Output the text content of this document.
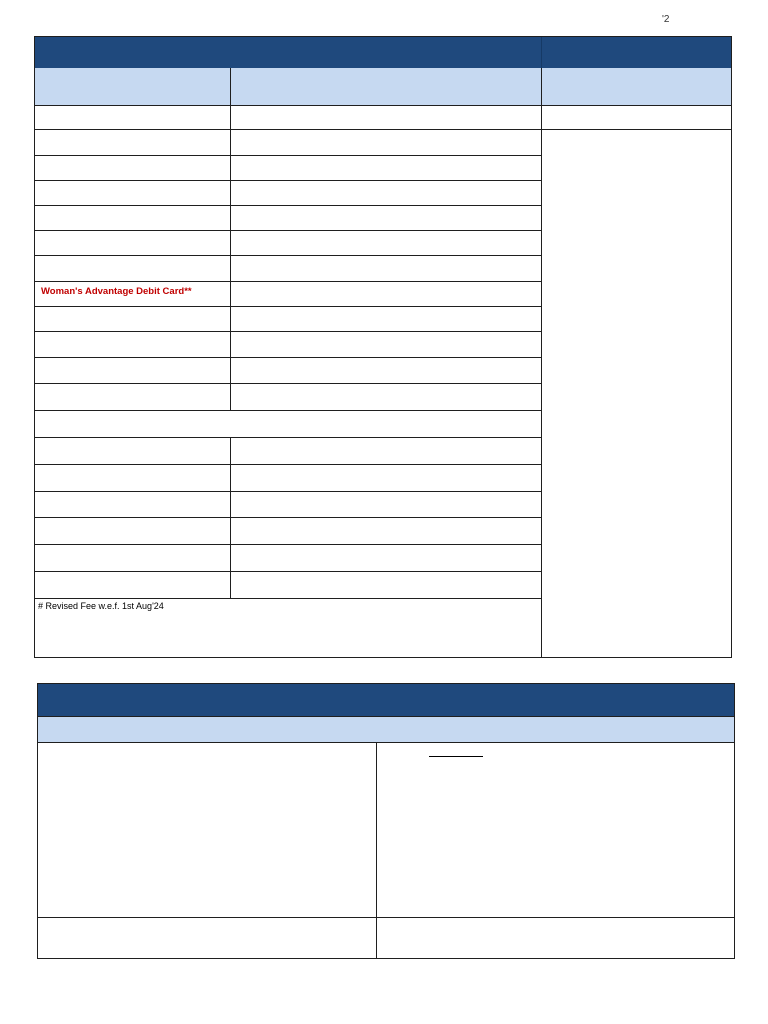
'2
Woman's Advantage Debit Card**
# Revised Fee w.e.f. 1st Aug'24
